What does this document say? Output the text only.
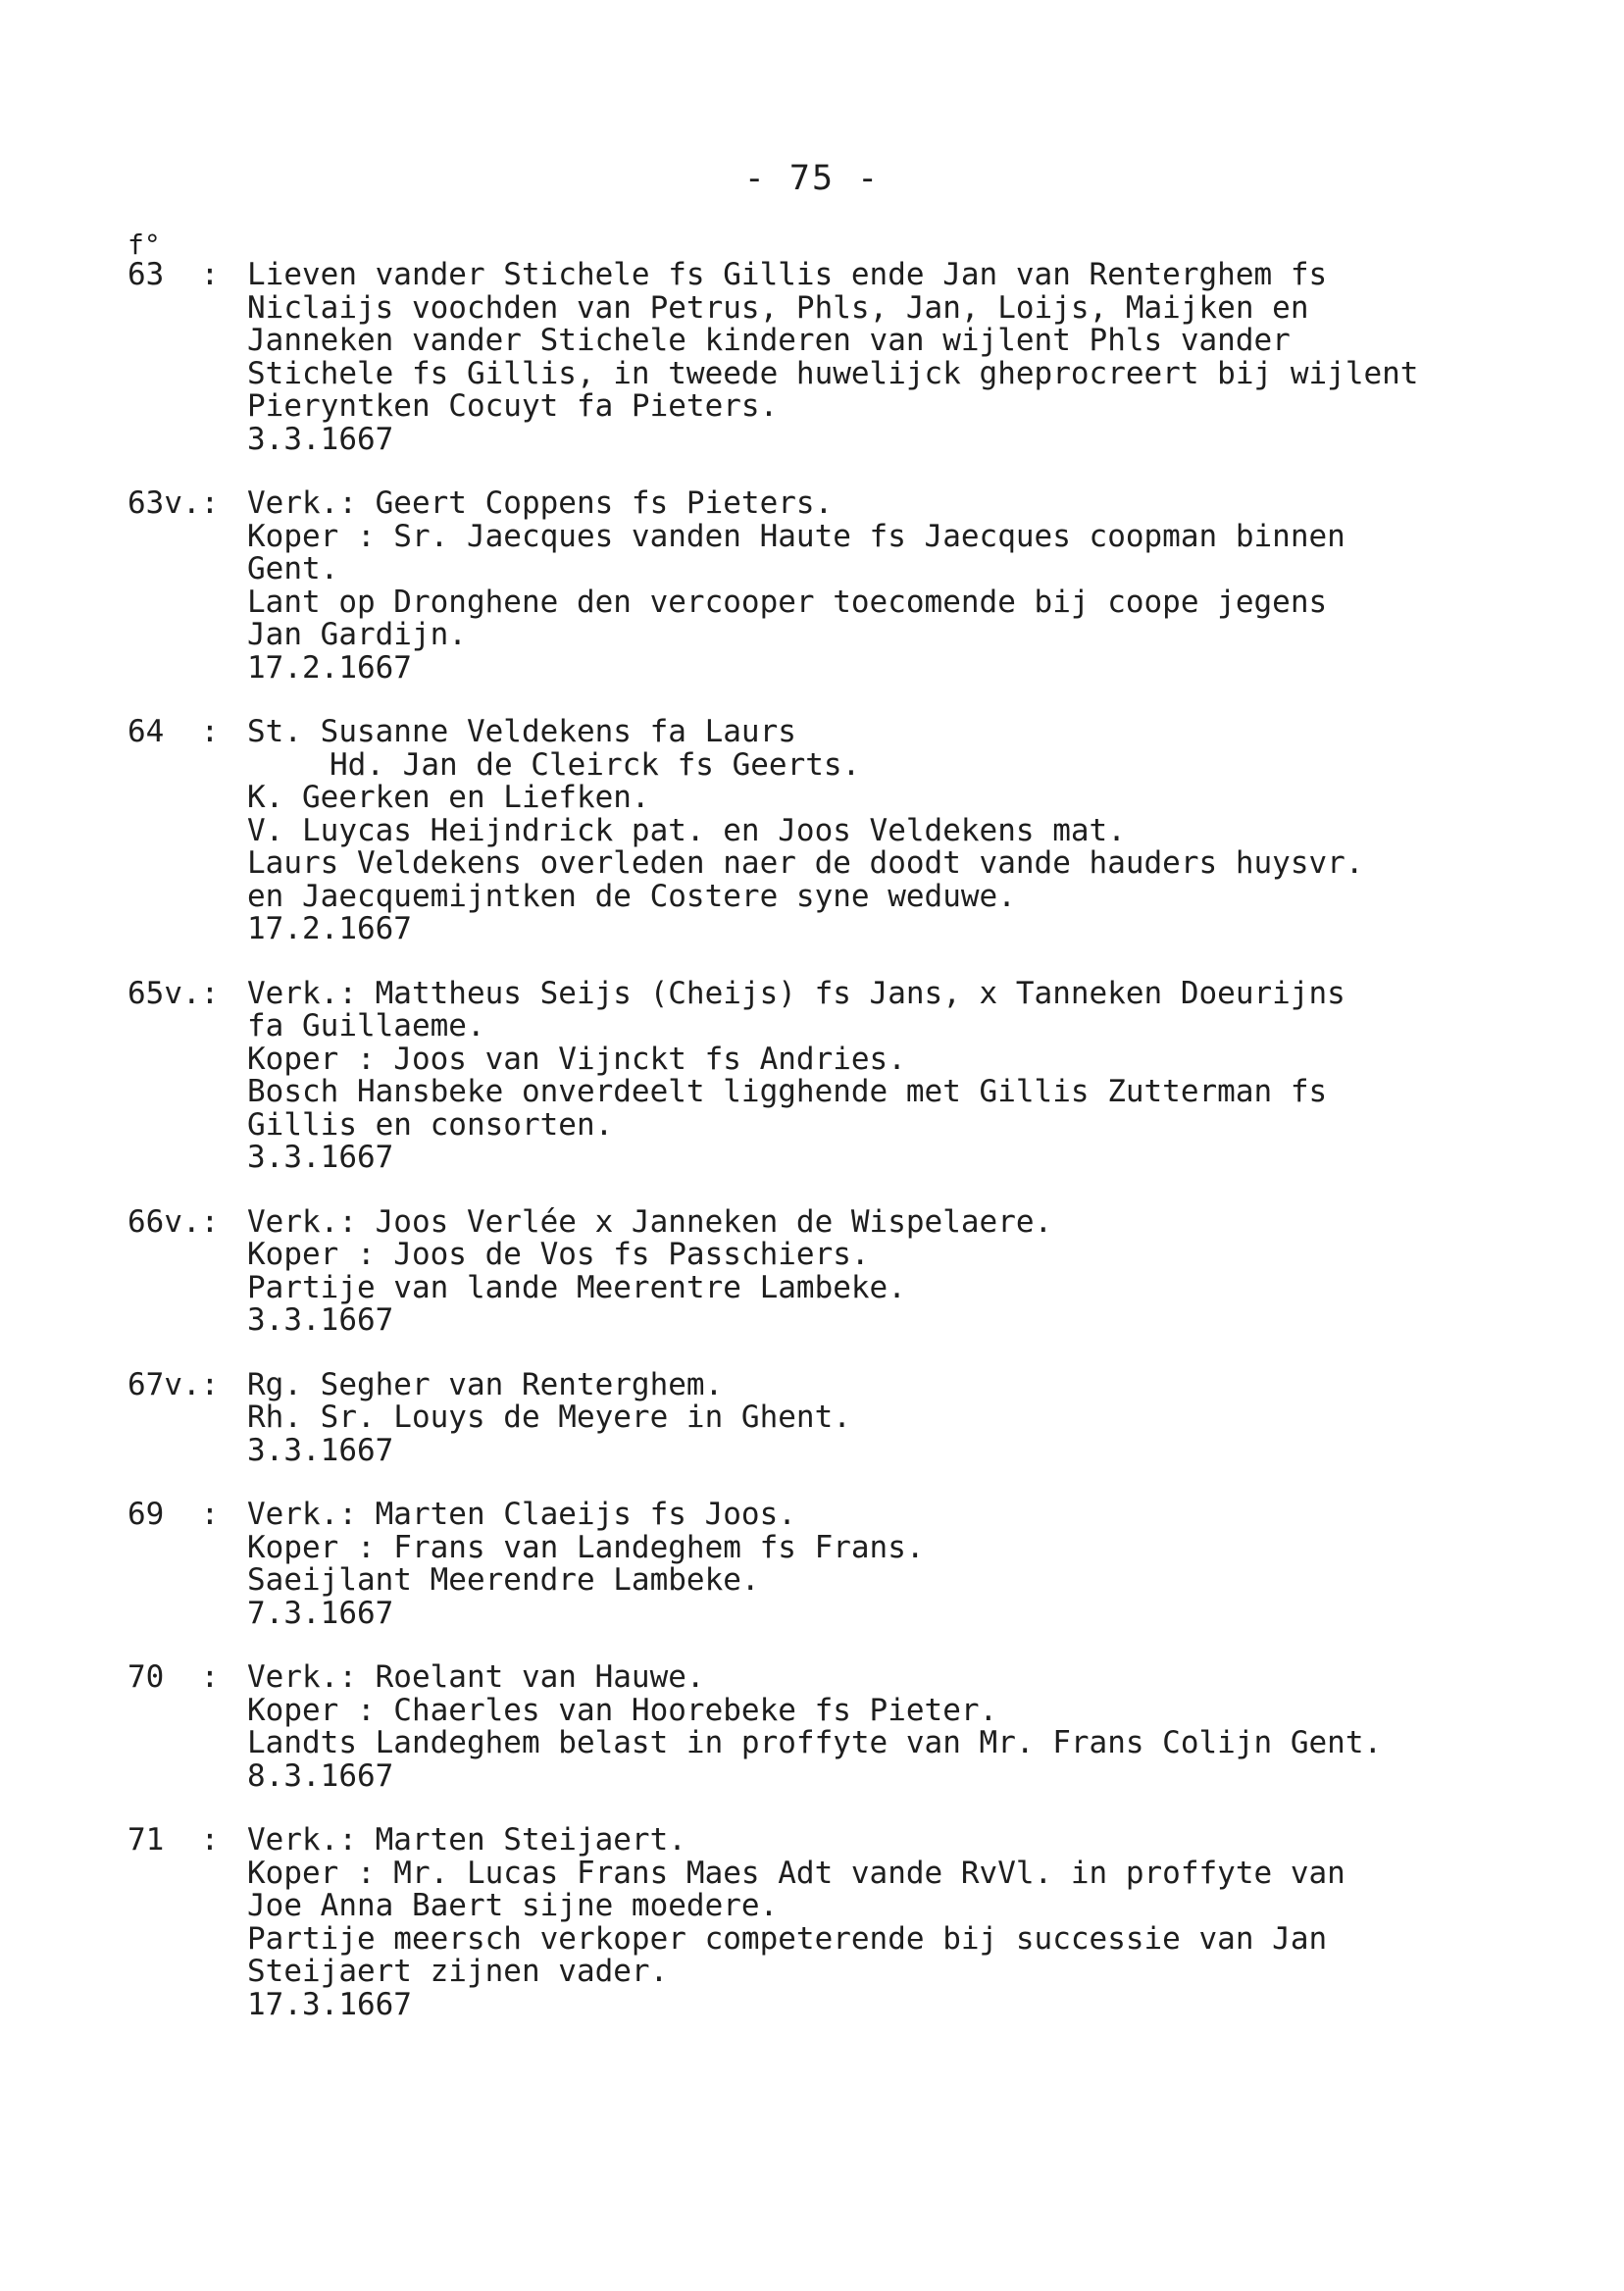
- 75 -
f°
63  : Lieven vander Stichele fs Gillis ende Jan van Renterghem fs
Niclaijs voochden van Petrus, Phls, Jan, Loijs, Maijken en
Janneken vander Stichele kinderen van wijlent Phls vander
Stichele fs Gillis, in tweede huwelijck gheprocreert bij wijlent
Pieryntken Cocuyt fa Pieters.
3.3.1667
63v.: Verk.: Geert Coppens fs Pieters.
Koper : Sr. Jaecques vanden Haute fs Jaecques coopman binnen
Gent.
Lant op Dronghene den vercooper toecomende bij coope jegens
Jan Gardijn.
17.2.1667
64  : St. Susanne Veldekens fa Laurs
Hd. Jan de Cleirck fs Geerts.
K. Geerken en Liefken.
V. Luycas Heijndrick pat. en Joos Veldekens mat.
Laurs Veldekens overleden naer de doodt vande hauders huysvr.
en Jaecquemijntken de Costere syne weduwe.
17.2.1667
65v.: Verk.: Mattheus Seijs (Cheijs) fs Jans, x Tanneken Doeurijns
fa Guillaeme.
Koper : Joos van Vijnckt fs Andries.
Bosch Hansbeke onverdeelt ligghende met Gillis Zutterman fs
Gillis en consorten.
3.3.1667
66v.: Verk.: Joos Verlée x Janneken de Wispelaere.
Koper : Joos de Vos fs Passchiers.
Partije van lande Meerentre Lambeke.
3.3.1667
67v.: Rg. Segher van Renterghem.
Rh. Sr. Louys de Meyere in Ghent.
3.3.1667
69  : Verk.: Marten Claeijs fs Joos.
Koper : Frans van Landeghem fs Frans.
Saeijlant Meerendre Lambeke.
7.3.1667
70  : Verk.: Roelant van Hauwe.
Koper : Chaerles van Hoorebeke fs Pieter.
Landts Landeghem belast in proffyte van Mr. Frans Colijn Gent.
8.3.1667
71  : Verk.: Marten Steijaert.
Koper : Mr. Lucas Frans Maes Adt vande RvVl. in proffyte van
Joe Anna Baert sijne moedere.
Partije meersch verkoper competerende bij successie van Jan
Steijaert zijnen vader.
17.3.1667
